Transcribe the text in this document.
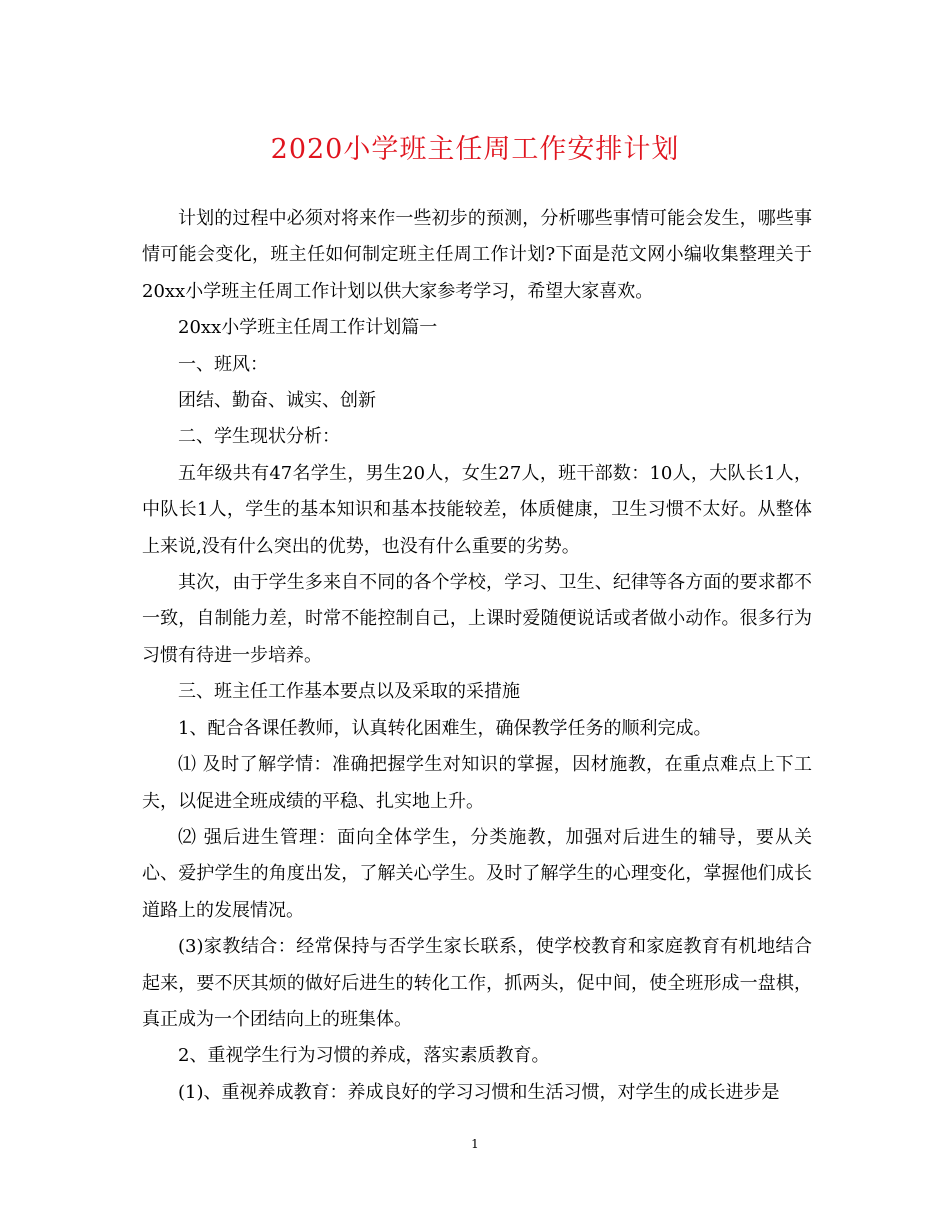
2020小学班主任周工作安排计划

计划的过程中必须对将来作一些初步的预测，分析哪些事情可能会发生，哪些事情可能会变化，班主任如何制定班主任周工作计划?下面是范文网小编收集整理关于20xx小学班主任周工作计划以供大家参考学习，希望大家喜欢。

20xx小学班主任周工作计划篇一

一、班风：

团结、勤奋、诚实、创新

二、学生现状分析：

五年级共有47名学生，男生20人，女生27人，班干部数：10人，大队长1人，中队长1人，学生的基本知识和基本技能较差，体质健康，卫生习惯不太好。从整体上来说,没有什么突出的优势，也没有什么重要的劣势。

其次，由于学生多来自不同的各个学校，学习、卫生、纪律等各方面的要求都不一致，自制能力差，时常不能控制自己，上课时爱随便说话或者做小动作。很多行为习惯有待进一步培养。

三、班主任工作基本要点以及采取的采措施

1、配合各课任教师，认真转化困难生，确保教学任务的顺利完成。

⑴ 及时了解学情：准确把握学生对知识的掌握，因材施教，在重点难点上下工夫，以促进全班成绩的平稳、扎实地上升。

⑵ 强后进生管理：面向全体学生，分类施教，加强对后进生的辅导，要从关心、爱护学生的角度出发，了解关心学生。及时了解学生的心理变化，掌握他们成长道路上的发展情况。

(3)家教结合：经常保持与否学生家长联系，使学校教育和家庭教育有机地结合起来，要不厌其烦的做好后进生的转化工作，抓两头，促中间，使全班形成一盘棋，真正成为一个团结向上的班集体。

2、重视学生行为习惯的养成，落实素质教育。

(1)、重视养成教育：养成良好的学习习惯和生活习惯，对学生的成长进步是

1
